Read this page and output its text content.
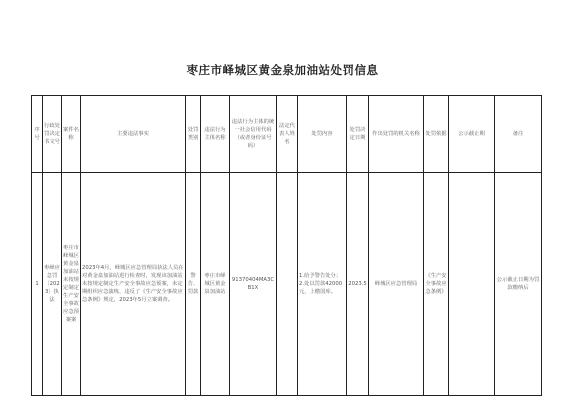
枣庄市峄城区黄金泉加油站处罚信息
序号	行政处罚决定书文号	案件名称	主要违法事实	处罚类别	违法行为主体名称	违法行为主体的统一社会信用代码（或者身份证号码）	法定代表人姓名	处罚内容	处罚决定日期	作出处罚的机关名称	处罚依据	公示截止期	备注
1	枣峄应急罚〔2023〕执法	枣庄市峄城区黄金泉加油站未按规定制定生产安全事故应急预案案	2023年4月，峄城区应急管理局执法人员在对黄金泉加油站进行检查时，发现该加油站未按规定制定生产安全事故应急预案，未定期组织应急演练，违反了《生产安全事故应急条例》规定，2023年5月立案调查。	警告、罚款	枣庄市峄城区黄金泉加油站	91370404MA3CB1X		1.给予警告处分；2.处以罚款42000元，上缴国库。	2023.5	峄城区应急管理局	《生产安全事故应急条例》		公示截止日期为罚款缴纳后
